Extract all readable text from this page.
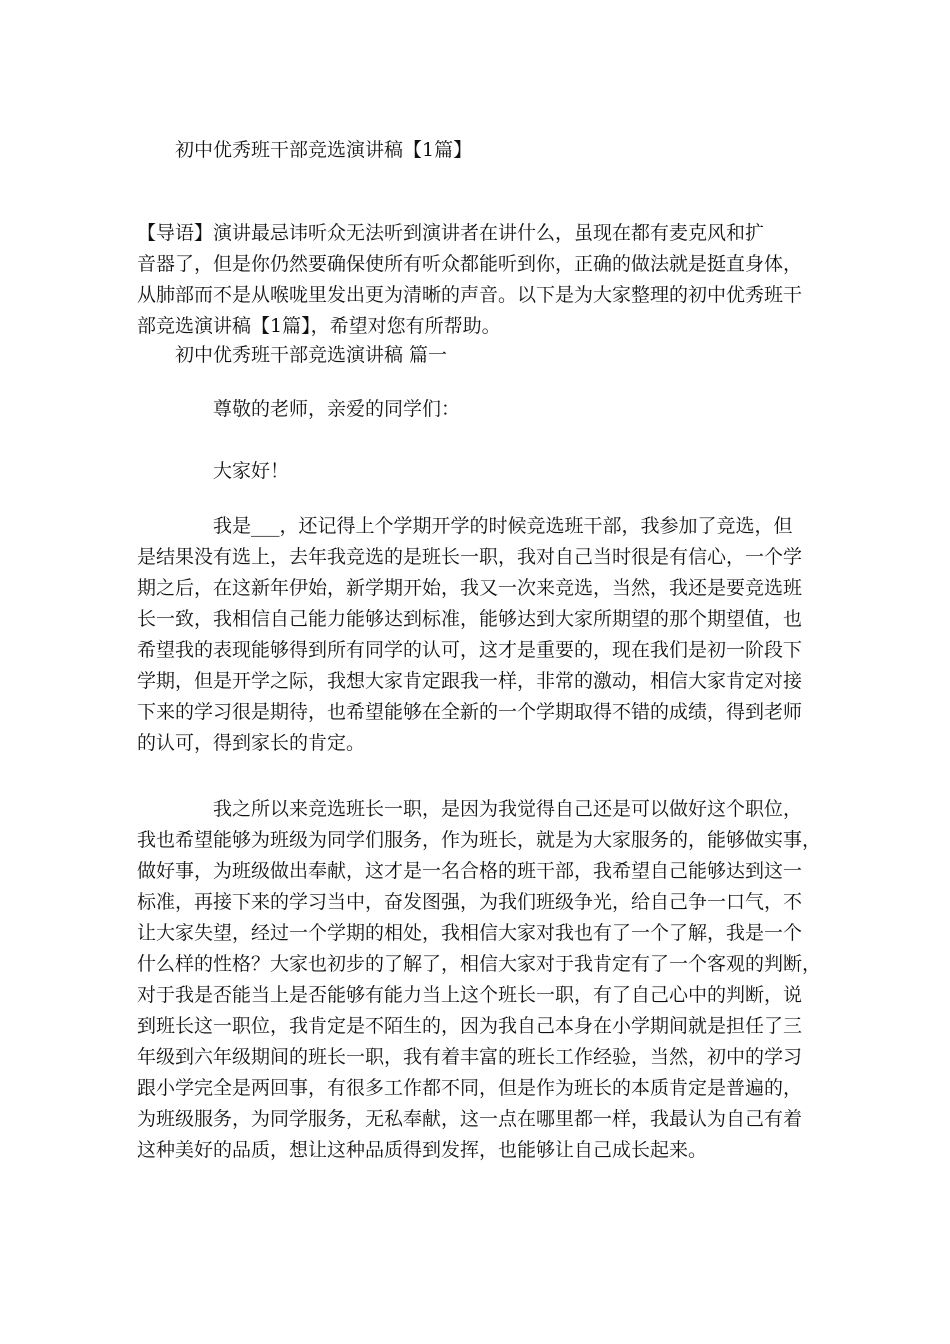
初中优秀班干部竞选演讲稿【1篇】

【导语】演讲最忌讳听众无法听到演讲者在讲什么，虽现在都有麦克风和扩

音器了，但是你仍然要确保使所有听众都能听到你，正确的做法就是挺直身体，

从肺部而不是从喉咙里发出更为清晰的声音。以下是为大家整理的初中优秀班干

部竞选演讲稿【1篇】，希望对您有所帮助。

初中优秀班干部竞选演讲稿 篇一

尊敬的老师，亲爱的同学们：

大家好！

我是___，还记得上个学期开学的时候竞选班干部，我参加了竞选，但

是结果没有选上，去年我竞选的是班长一职，我对自己当时很是有信心，一个学

期之后，在这新年伊始，新学期开始，我又一次来竞选，当然，我还是要竞选班

长一致，我相信自己能力能够达到标准，能够达到大家所期望的那个期望值，也

希望我的表现能够得到所有同学的认可，这才是重要的，现在我们是初一阶段下

学期，但是开学之际，我想大家肯定跟我一样，非常的激动，相信大家肯定对接

下来的学习很是期待，也希望能够在全新的一个学期取得不错的成绩，得到老师

的认可，得到家长的肯定。

我之所以来竞选班长一职，是因为我觉得自己还是可以做好这个职位，

我也希望能够为班级为同学们服务，作为班长，就是为大家服务的，能够做实事，

做好事，为班级做出奉献，这才是一名合格的班干部，我希望自己能够达到这一

标准，再接下来的学习当中，奋发图强，为我们班级争光，给自己争一口气，不

让大家失望，经过一个学期的相处，我相信大家对我也有了一个了解，我是一个

什么样的性格？大家也初步的了解了，相信大家对于我肯定有了一个客观的判断，

对于我是否能当上是否能够有能力当上这个班长一职，有了自己心中的判断，说

到班长这一职位，我肯定是不陌生的，因为我自己本身在小学期间就是担任了三

年级到六年级期间的班长一职，我有着丰富的班长工作经验，当然，初中的学习

跟小学完全是两回事，有很多工作都不同，但是作为班长的本质肯定是普遍的，

为班级服务，为同学服务，无私奉献，这一点在哪里都一样，我最认为自己有着

这种美好的品质，想让这种品质得到发挥，也能够让自己成长起来。
